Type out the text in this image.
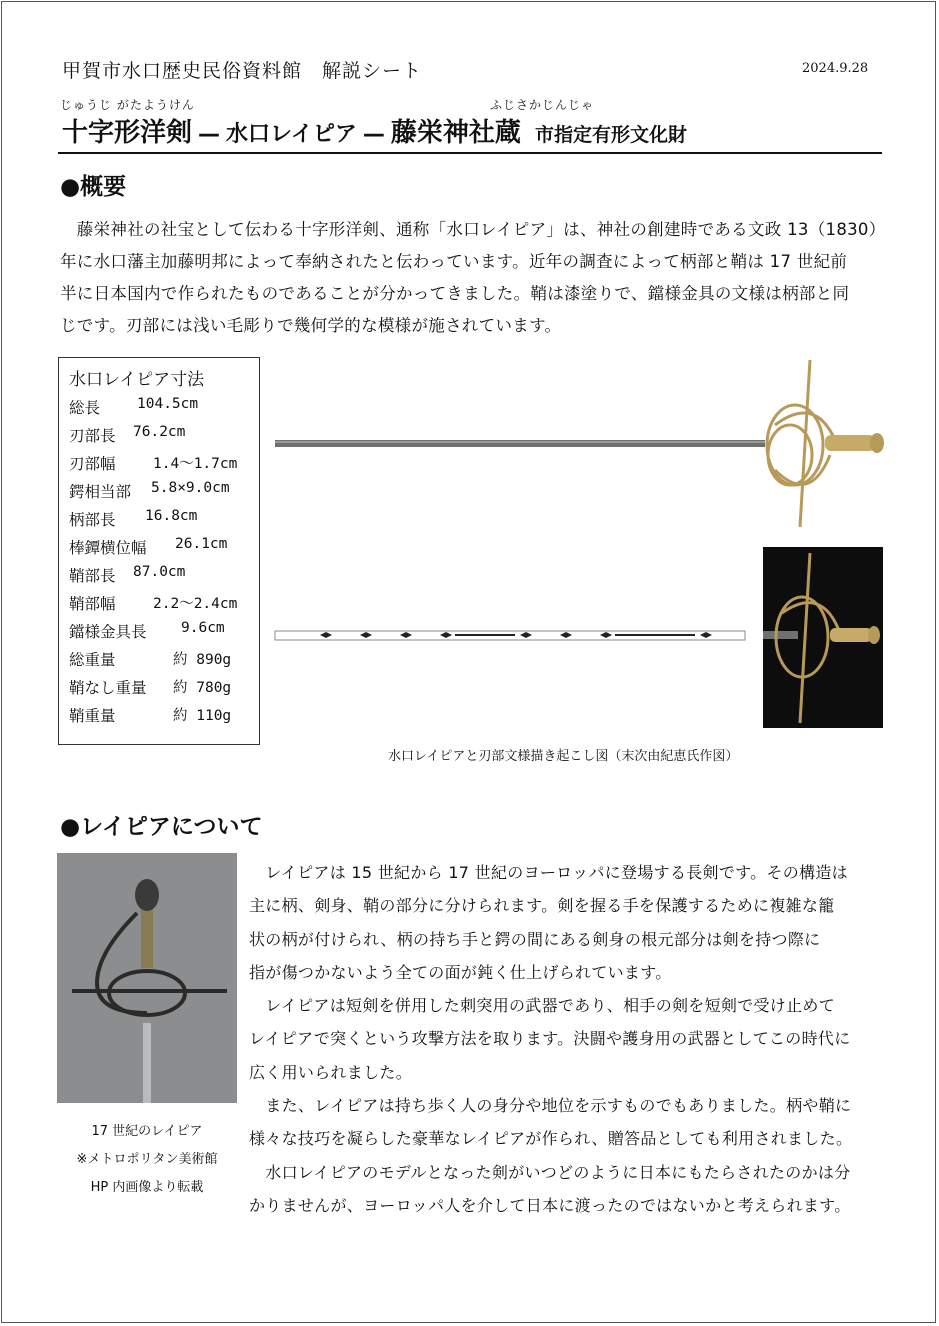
甲賀市水口歴史民俗資料館　解説シート	2024.9.28
じゅうじ がたようけん	ふじさかじんじゃ
十字形洋剣 — 水口レイピア — 藤栄神社蔵 市指定有形文化財
●概要
　藤栄神社の社宝として伝わる十字形洋剣、通称「水口レイピア」は、神社の創建時である文政 13（1830）
年に水口藩主加藤明邦によって奉納されたと伝わっています。近年の調査によって柄部と鞘は 17 世紀前
半に日本国内で作られたものであることが分かってきました。鞘は漆塗りで、鐺様金具の文様は柄部と同
じです。刃部には浅い毛彫りで幾何学的な模様が施されています。
水口レイピア寸法
総長	104.5cm
刃部長 76.2cm
刃部幅	1.4～1.7cm
鍔相当部 5.8×9.0cm
柄部長 16.8cm
棒鐔横位幅 26.1cm
鞘部長 87.0cm
鞘部幅	2.2～2.4cm
鐺様金具長 9.6cm
総重量	約 890g
鞘なし重量 約 780g
鞘重量	約 110g
水口レイピアと刃部文様描き起こし図（末次由紀恵氏作図）
●レイピアについて
17 世紀のレイピア
※メトロポリタン美術館
HP 内画像より転載
　レイピアは 15 世紀から 17 世紀のヨーロッパに登場する長剣です。その構造は
主に柄、剣身、鞘の部分に分けられます。剣を握る手を保護するために複雑な籠
状の柄が付けられ、柄の持ち手と鍔の間にある剣身の根元部分は剣を持つ際に
指が傷つかないよう全ての面が鈍く仕上げられています。
　レイピアは短剣を併用した刺突用の武器であり、相手の剣を短剣で受け止めて
レイピアで突くという攻撃方法を取ります。決闘や護身用の武器としてこの時代に
広く用いられました。
　また、レイピアは持ち歩く人の身分や地位を示すものでもありました。柄や鞘に
様々な技巧を凝らした豪華なレイピアが作られ、贈答品としても利用されました。
　水口レイピアのモデルとなった剣がいつどのように日本にもたらされたのかは分
かりませんが、ヨーロッパ人を介して日本に渡ったのではないかと考えられます。
